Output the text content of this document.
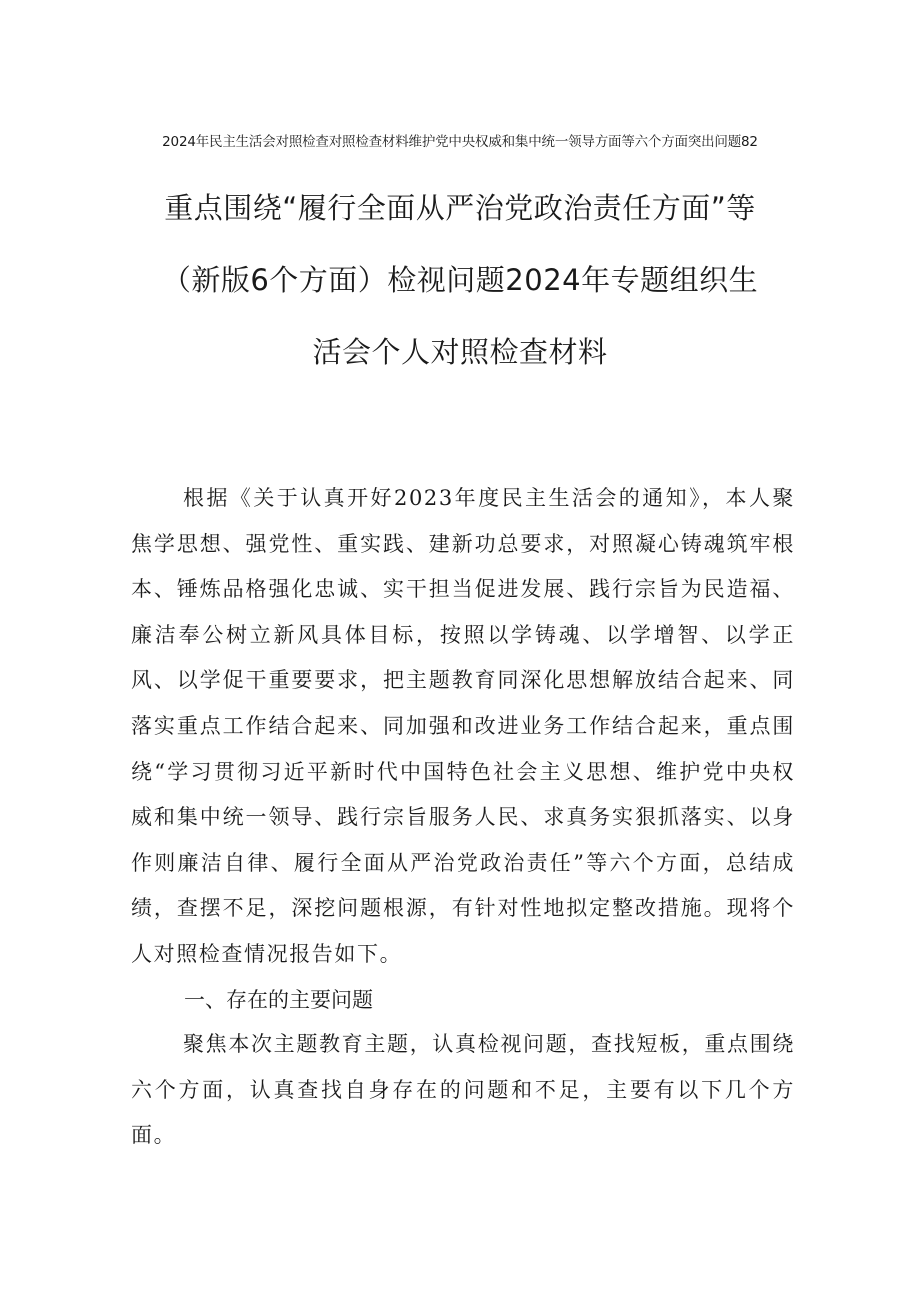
2024年民主生活会对照检查对照检查材料维护党中央权威和集中统一领导方面等六个方面突出问题82
重点围绕“履行全面从严治党政治责任方面”等
（新版6个方面）检视问题2024年专题组织生
活会个人对照检查材料
根据《关于认真开好2023年度民主生活会的通知》，本人聚焦学思想、强党性、重实践、建新功总要求，对照凝心铸魂筑牢根本、锤炼品格强化忠诚、实干担当促进发展、践行宗旨为民造福、廉洁奉公树立新风具体目标，按照以学铸魂、以学增智、以学正风、以学促干重要要求，把主题教育同深化思想解放结合起来、同落实重点工作结合起来、同加强和改进业务工作结合起来，重点围绕“学习贯彻习近平新时代中国特色社会主义思想、维护党中央权威和集中统一领导、践行宗旨服务人民、求真务实狠抓落实、以身作则廉洁自律、履行全面从严治党政治责任”等六个方面，总结成绩，查摆不足，深挖问题根源，有针对性地拟定整改措施。现将个人对照检查情况报告如下。
一、存在的主要问题
聚焦本次主题教育主题，认真检视问题，查找短板，重点围绕六个方面，认真查找自身存在的问题和不足，主要有以下几个方面。
